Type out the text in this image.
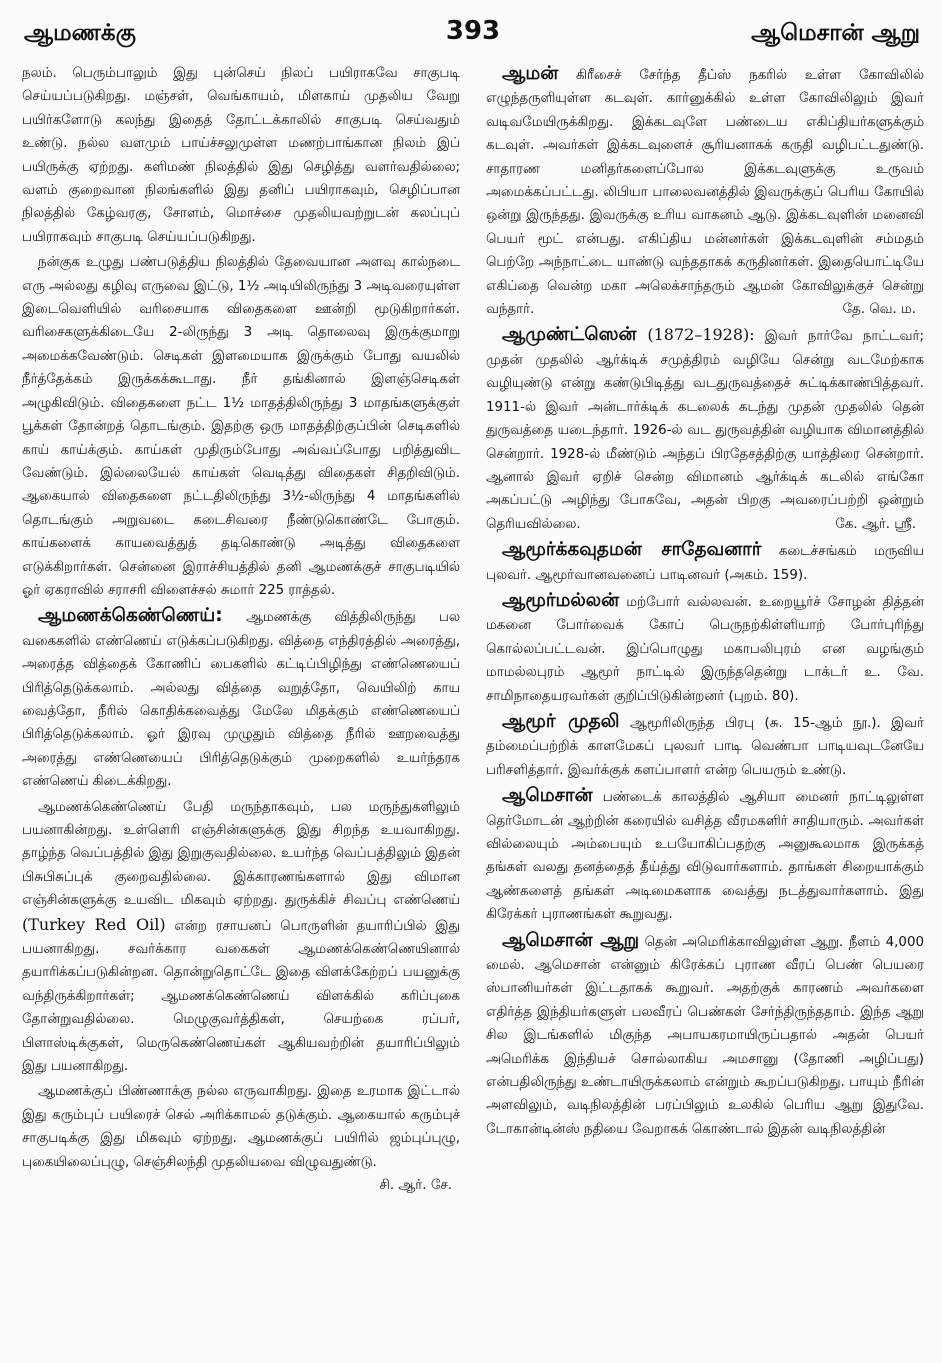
ஆமணக்கு	393	ஆமெசான் ஆறு

நலம். பெரும்பாலும் இது புன்செய் நிலப் பயிராகவே சாகுபடி செய்யப்படுகிறது. மஞ்சள், வெங்காயம், மிளகாய் முதலிய வேறு பயிர்களோடு கலந்து இதைத் தோட்டக்காலில் சாகுபடி செய்வதும் உண்டு. நல்ல வளமும் பாய்ச்சலுமுள்ள மணற்பாங்கான நிலம் இப் பயிருக்கு ஏற்றது. களிமண் நிலத்தில் இது செழித்து வளர்வதில்லை; வளம் குறைவான நிலங்களில் இது தனிப் பயிராகவும், செழிப்பான நிலத்தில் கேழ்வரகு, சோளம், மொச்சை முதலியவற்றுடன் கலப்புப் பயிராகவும் சாகுபடி செய்யப்படுகிறது.

நன்குக உழுது பண்படுத்திய நிலத்தில் தேவையான அளவு கால்நடை எரு அல்லது கழிவு எருவை இட்டு, 1½ அடியிலிருந்து 3 அடிவரையுள்ள இடைவெளியில் வரிசையாக விதைகளை ஊன்றி மூடுகிறார்கள். வரிசைகளுக்கிடையே 2-லிருந்து 3 அடி தொலைவு இருக்குமாறு அமைக்கவேண்டும். செடிகள் இளமையாக இருக்கும் போது வயலில் நீர்த்தேக்கம் இருக்கக்கூடாது. நீர் தங்கினால் இளஞ்செடிகள் அழுகிவிடும். விதைகளை நட்ட 1½ மாதத்திலிருந்து 3 மாதங்களுக்குள் பூக்கள் தோன்றத் தொடங்கும். இதற்கு ஒரு மாதத்திற்குப்பின் செடிகளில் காய் காய்க்கும். காய்கள் முதிரும்போது அவ்வப்போது பறித்துவிட வேண்டும். இல்லையேல் காய்கள் வெடித்து விதைகள் சிதறிவிடும். ஆகையால் விதைகளை நட்டதிலிருந்து 3½-லிருந்து 4 மாதங்களில் தொடங்கும் அறுவடை கடைசிவரை நீண்டுகொண்டே போகும். காய்களைக் காயவைத்துத் தடிகொண்டு அடித்து விதைகளை எடுக்கிறார்கள். சென்னை இராச்சியத்தில் தனி ஆமணக்குச் சாகுபடியில் ஓர் ஏகராவில் சராசரி விளைச்சல் சுமார் 225 ராத்தல்.

ஆமணக்கெண்ணெய்: ஆமணக்கு வித்திலிருந்து பல வகைகளில் எண்ணெய் எடுக்கப்படுகிறது. வித்தை எந்திரத்தில் அரைத்து, அரைத்த வித்தைக் கோணிப் பைகளில் கட்டிப்பிழிந்து எண்ணெயைப் பிரித்தெடுக்கலாம். அல்லது வித்தை வறுத்தோ, வெயிலிற் காய வைத்தோ, நீரில் கொதிக்கவைத்து மேலே மிதக்கும் எண்ணெயைப் பிரித்தெடுக்கலாம். ஓர் இரவு முழுதும் வித்தை நீரில் ஊறவைத்து அரைத்து எண்ணெயைப் பிரித்தெடுக்கும் முறைகளில் உயர்ந்தரக எண்ணெய் கிடைக்கிறது.

ஆமணக்கெண்ணெய் பேதி மருந்தாகவும், பல மருந்துகளிலும் பயனாகின்றது. உள்ளெரி எஞ்சின்களுக்கு இது சிறந்த உயவாகிறது. தாழ்ந்த வெப்பத்தில் இது இறுகுவதில்லை. உயர்ந்த வெப்பத்திலும் இதன் பிசுபிசுப்புக் குறைவதில்லை. இக்காரணங்களால் இது விமான எஞ்சின்களுக்கு உயவிட மிகவும் ஏற்றது. துருக்கிச் சிவப்பு எண்ணெய் (Turkey Red Oil) என்ற ரசாயனப் பொருளின் தயாரிப்பில் இது பயனாகிறது. சவர்க்கார வகைகள் ஆமணக்கெண்ணெயினால் தயாரிக்கப்படுகின்றன. தொன்றுதொட்டே இதை விளக்கேற்றப் பயனுக்கு வந்திருக்கிறார்கள்; ஆமணக்கெண்ணெய் விளக்கில் கரிப்புகை தோன்றுவதில்லை. மெழுகுவர்த்திகள், செயற்கை ரப்பர், பிளாஸ்டிக்குகள், மெருகெண்ணெய்கள் ஆகியவற்றின் தயாரிப்பிலும் இது பயனாகிறது.

ஆமணக்குப் பிண்ணாக்கு நல்ல எருவாகிறது. இதை உரமாக இட்டால் இது கரும்புப் பயிரைச் செல் அரிக்காமல் தடுக்கும். ஆகையால் கரும்புச் சாகுபடிக்கு இது மிகவும் ஏற்றது. ஆமணக்குப் பயிரில் ஜம்புப்புழு, புகையிலைப்புழு, செஞ்சிலந்தி முதலியவை விழுவதுண்டு.
சி. ஆர். சே.

ஆமன் கிரீசைச் சேர்ந்த தீப்ஸ் நகரில் உள்ள கோவிலில் எழுந்தருளியுள்ள கடவுள். கார்னுக்கில் உள்ள கோவிலிலும் இவர் வடிவமேயிருக்கிறது. இக்கடவுளே பண்டைய எகிப்தியர்களுக்கும் கடவுள். அவர்கள் இக்கடவுளைச் சூரியனாகக் கருதி வழிபட்டதுண்டு. சாதாரண மனிதர்களைப்போல இக்கடவுளுக்கு உருவம் அமைக்கப்பட்டது. லிபியா பாலைவனத்தில் இவருக்குப் பெரிய கோயில் ஒன்று இருந்தது. இவருக்கு உரிய வாகனம் ஆடு. இக்கடவுளின் மனைவி பெயர் மூட் என்பது. எகிப்திய மன்னர்கள் இக்கடவுளின் சம்மதம் பெற்றே அந்நாட்டை யாண்டு வந்ததாகக் கருதினர்கள். இதையொட்டியே எகிப்தை வென்ற மகா அலெக்சாந்தரும் ஆமன் கோவிலுக்குச் சென்று வந்தார்.	தே. வெ. ம.

ஆமுண்ட்ஸென் (1872–1928): இவர் நார்வே நாட்டவர்; முதன் முதலில் ஆர்க்டிக் சமுத்திரம் வழியே சென்று வடமேற்காக வழியுண்டு என்று கண்டுபிடித்து வடதுருவத்தைச் சுட்டிக்காண்பித்தவர். 1911-ல் இவர் அன்டார்க்டிக் கடலைக் கடந்து முதன் முதலில் தென் துருவத்தை யடைந்தார். 1926-ல் வட துருவத்தின் வழியாக விமானத்தில் சென்றார். 1928-ல் மீண்டும் அந்தப் பிரதேசத்திற்கு யாத்திரை சென்றார். ஆனால் இவர் ஏறிச் சென்ற விமானம் ஆர்க்டிக் கடலில் எங்கோ அகப்பட்டு அழிந்து போகவே, அதன் பிறகு அவரைப்பற்றி ஒன்றும் தெரியவில்லை.	கே. ஆர். ஸ்ரீ.

ஆமூர்க்கவுதமன் சாதேவனார் கடைச்சங்கம் மருவிய புலவர். ஆமூர்வானவனைப் பாடினவர் (அகம். 159).

ஆமூர்மல்லன் மற்போர் வல்லவன். உறையூர்ச் சோழன் தித்தன் மகனை போர்வைக் கோப் பெருநற்கிள்ளியாற் போர்புரிந்து கொல்லப்பட்டவன். இப்பொழுது மகாபலிபுரம் என வழங்கும் மாமல்லபுரம் ஆமூர் நாட்டில் இருந்ததென்று டாக்டர் உ. வே. சாமிநாதையரவர்கள் குறிப்பிடுகின்றனர் (புறம். 80).

ஆமூர் முதலி ஆமூரிலிருந்த பிரபு (சு. 15-ஆம் நூ.). இவர் தம்மைப்பற்றிக் காளமேகப் புலவர் பாடி வெண்பா பாடியவுடனேயே பரிசளித்தார். இவர்க்குக் களப்பாளர் என்ற பெயரும் உண்டு.

ஆமெசான் பண்டைக் காலத்தில் ஆசியா மைனர் நாட்டிலுள்ள தெர்மோடன் ஆற்றின் கரையில் வசித்த வீரமகளிர் சாதியாரும். அவர்கள் வில்லையும் அம்பையும் உபயோகிப்பதற்கு அனுகூலமாக இருக்கத் தங்கள் வலது தனத்தைத் தீய்த்து விடுவார்களாம். தாங்கள் சிறையாக்கும் ஆண்களைத் தங்கள் அடிமைகளாக வைத்து நடத்துவார்களாம். இது கிரேக்கர் புராணங்கள் கூறுவது.

ஆமெசான் ஆறு தென் அமெரிக்காவிலுள்ள ஆறு. நீளம் 4,000 மைல். ஆமெசான் என்னும் கிரேக்கப் புராண வீரப் பெண் பெயரை ஸ்பானியர்கள் இட்டதாகக் கூறுவர். அதற்குக் காரணம் அவர்களை எதிர்த்த இந்தியர்களுள் பலவீரப் பெண்கள் சேர்ந்திருந்ததாம். இந்த ஆறு சில இடங்களில் மிகுந்த அபாயகரமாயிருப்பதால் அதன் பெயர் அமெரிக்க இந்தியச் சொல்லாகிய அமசானு (தோணி அழிப்பது) என்பதிலிருந்து உண்டாயிருக்கலாம் என்றும் கூறப்படுகிறது. பாயும் நீரின் அளவிலும், வடிநிலத்தின் பரப்பிலும் உலகில் பெரிய ஆறு இதுவே. டோகான்டின்ஸ் நதியை வேறாகக் கொண்டால் இதன் வடிநிலத்தின்
